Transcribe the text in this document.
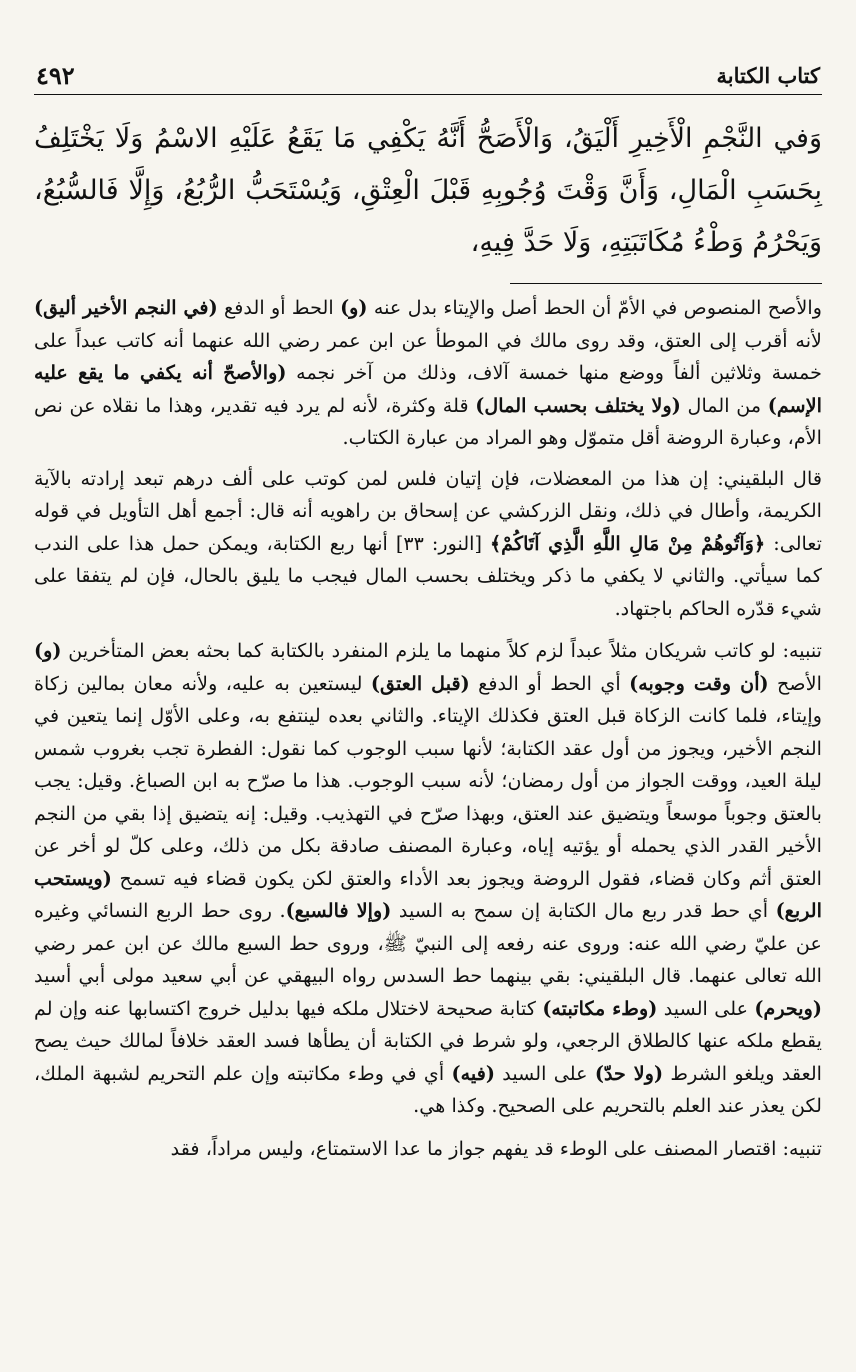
كتاب الكتابة
٤٩٢
وَفي النَّجْمِ الْأَخِيرِ أَلْيَقُ، وَالْأَصَحُّ أَنَّهُ يَكْفِي مَا يَقَعُ عَلَيْهِ الاسْمُ وَلَا يَخْتَلِفُ بِحَسَبِ الْمَالِ، وَأَنَّ وَقْتَ وُجُوبِهِ قَبْلَ الْعِتْقِ، وَيُسْتَحَبُّ الرُّبُعُ، وَإِلَّا فَالسُّبُعُ، وَيَحْرُمُ وَطْءُ مُكَاتَبَتِهِ، وَلَا حَدَّ فِيهِ،

والأصح المنصوص في الأمّ أن الحط أصل والإيتاء بدل عنه (و) الحط أو الدفع (في النجم الأخير أليق) لأنه أقرب إلى العتق، وقد روى مالك في الموطأ عن ابن عمر رضي الله عنهما أنه كاتب عبداً على خمسة وثلاثين ألفاً ووضع منها خمسة آلاف، وذلك من آخر نجمه (والأصحّ أنه يكفي ما يقع عليه الإسم) من المال (ولا يختلف بحسب المال) قلة وكثرة، لأنه لم يرد فيه تقدير، وهذا ما نقلاه عن نص الأم، وعبارة الروضة أقل متموّل وهو المراد من عبارة الكتاب.

قال البلقيني: إن هذا من المعضلات، فإن إتيان فلس لمن كوتب على ألف درهم تبعد إرادته بالآية الكريمة، وأطال في ذلك، ونقل الزركشي عن إسحاق بن راهويه أنه قال: أجمع أهل التأويل في قوله تعالى: ﴿وَآتُوهُمْ مِنْ مَالِ اللَّهِ الَّذِي آتَاكُمْ﴾ [النور: ٣٣] أنها ربع الكتابة، ويمكن حمل هذا على الندب كما سيأتي. والثاني لا يكفي ما ذكر ويختلف بحسب المال فيجب ما يليق بالحال، فإن لم يتفقا على شيء قدّره الحاكم باجتهاد.

تنبيه: لو كاتب شريكان مثلاً عبداً لزم كلاً منهما ما يلزم المنفرد بالكتابة كما بحثه بعض المتأخرين (و) الأصح (أن وقت وجوبه) أي الحط أو الدفع (قبل العتق) ليستعين به عليه، ولأنه معان بمالين زكاة وإيتاء، فلما كانت الزكاة قبل العتق فكذلك الإيتاء. والثاني بعده لينتفع به، وعلى الأوّل إنما يتعين في النجم الأخير، ويجوز من أول عقد الكتابة؛ لأنها سبب الوجوب كما نقول: الفطرة تجب بغروب شمس ليلة العيد، ووقت الجواز من أول رمضان؛ لأنه سبب الوجوب. هذا ما صرّح به ابن الصباغ. وقيل: يجب بالعتق وجوباً موسعاً ويتضيق عند العتق، وبهذا صرّح في التهذيب. وقيل: إنه يتضيق إذا بقي من النجم الأخير القدر الذي يحمله أو يؤتيه إياه، وعبارة المصنف صادقة بكل من ذلك، وعلى كلّ لو أخر عن العتق أثم وكان قضاء، فقول الروضة ويجوز بعد الأداء والعتق لكن يكون قضاء فيه تسمح (ويستحب الربع) أي حط قدر ربع مال الكتابة إن سمح به السيد (وإلا فالسبع). روى حط الربع النسائي وغيره عن عليّ رضي الله عنه: وروى عنه رفعه إلى النبيّ ﷺ، وروى حط السبع مالك عن ابن عمر رضي الله تعالى عنهما. قال البلقيني: بقي بينهما حط السدس رواه البيهقي عن أبي سعيد مولى أبي أسيد (ويحرم) على السيد (وطء مكاتبته) كتابة صحيحة لاختلال ملكه فيها بدليل خروج اكتسابها عنه وإن لم يقطع ملكه عنها كالطلاق الرجعي، ولو شرط في الكتابة أن يطأها فسد العقد خلافاً لمالك حيث يصح العقد ويلغو الشرط (ولا حدّ) على السيد (فيه) أي في وطء مكاتبته وإن علم التحريم لشبهة الملك، لكن يعذر عند العلم بالتحريم على الصحيح. وكذا هي.

تنبيه: اقتصار المصنف على الوطء قد يفهم جواز ما عدا الاستمتاع، وليس مراداً، فقد
